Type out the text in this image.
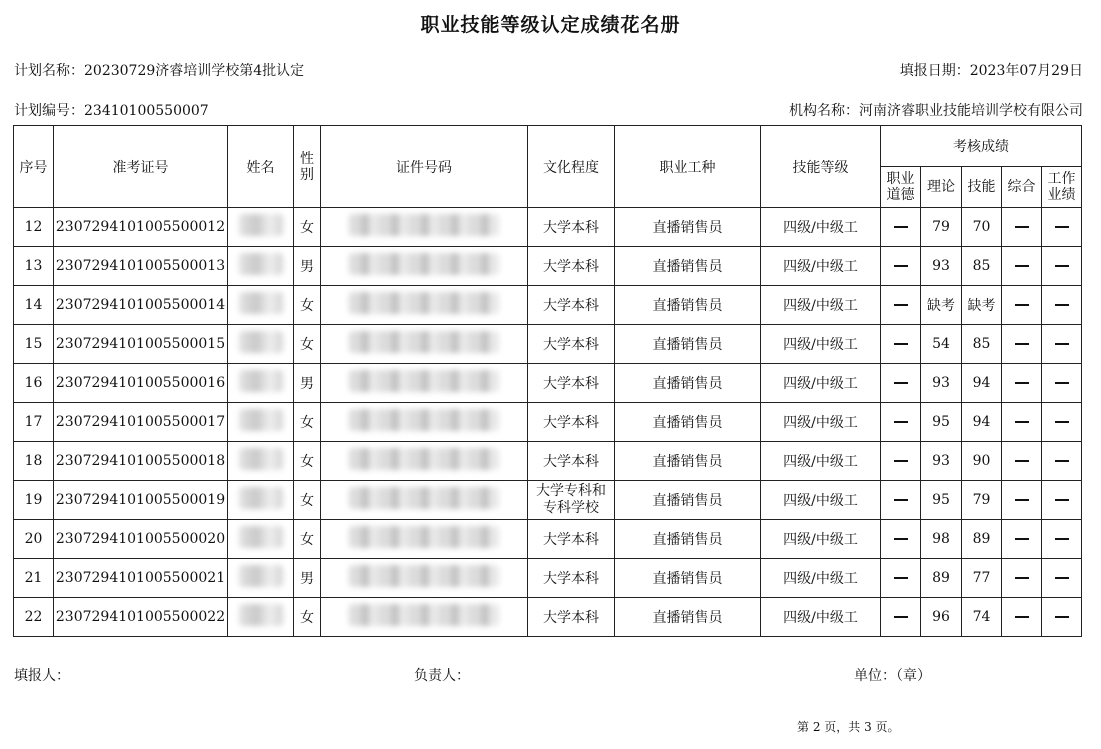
职业技能等级认定成绩花名册
计划名称：20230729济睿培训学校第4批认定	填报日期：2023年07月29日
计划编号：23410100550007	机构名称：河南济睿职业技能培训学校有限公司
序号	准考证号	姓名	性
别	证件号码	文化程度	职业工种	技能等级	考核成绩				
								职业
道德	理论	技能	综合	工作
业绩
12	2307294101005500012		女		大学本科	直播销售员	四级/中级工		79	70		
13	2307294101005500013		男		大学本科	直播销售员	四级/中级工		93	85		
14	2307294101005500014		女		大学本科	直播销售员	四级/中级工		缺考	缺考		
15	2307294101005500015		女		大学本科	直播销售员	四级/中级工		54	85		
16	2307294101005500016		男		大学本科	直播销售员	四级/中级工		93	94		
17	2307294101005500017		女		大学本科	直播销售员	四级/中级工		95	94		
18	2307294101005500018		女		大学本科	直播销售员	四级/中级工		93	90		
19	2307294101005500019		女		大学专科和
专科学校	直播销售员	四级/中级工		95	79		
20	2307294101005500020		女		大学本科	直播销售员	四级/中级工		98	89		
21	2307294101005500021		男		大学本科	直播销售员	四级/中级工		89	77		
22	2307294101005500022		女		大学本科	直播销售员	四级/中级工		96	74		
填报人：	负责人：	单位：（章）
第 2 页，共 3 页。
